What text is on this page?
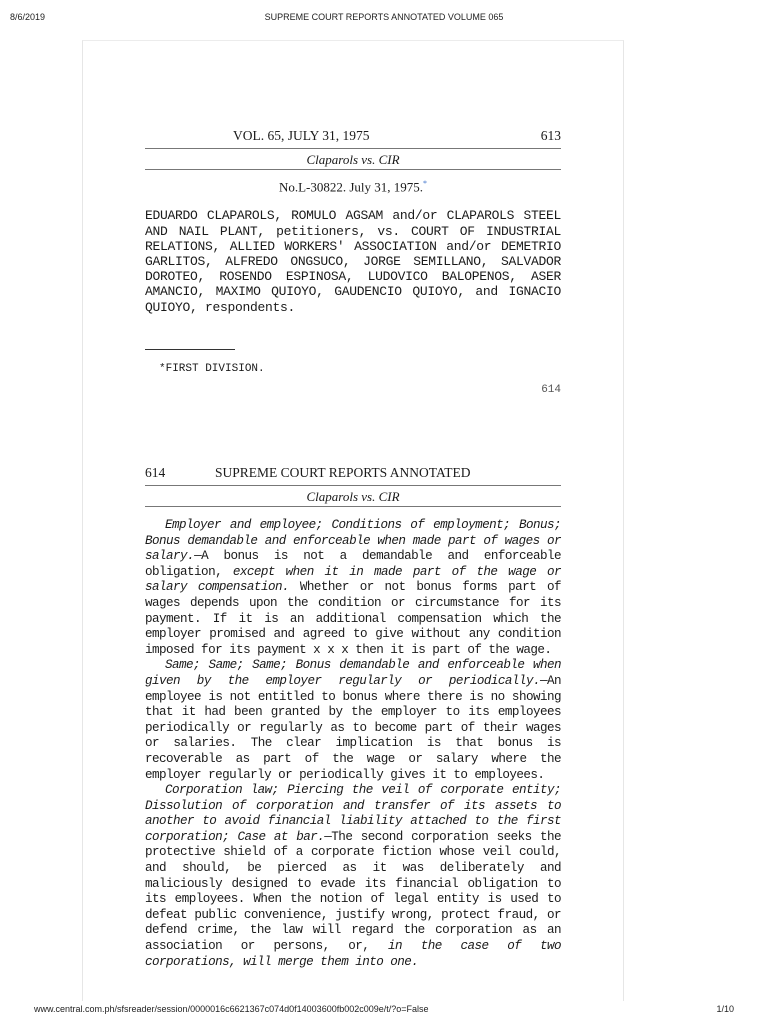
8/6/2019	SUPREME COURT REPORTS ANNOTATED VOLUME 065
VOL. 65, JULY 31, 1975	613
Claparols vs. CIR
No.L-30822. July 31, 1975.*
EDUARDO CLAPAROLS, ROMULO AGSAM and/or CLAPAROLS STEEL AND NAIL PLANT, petitioners, vs. COURT OF INDUSTRIAL RELATIONS, ALLIED WORKERS' ASSOCIATION and/or DEMETRIO GARLITOS, ALFREDO ONGSUCO, JORGE SEMILLANO, SALVADOR DOROTEO, ROSENDO ESPINOSA, LUDOVICO BALOPENOS, ASER AMANCIO, MAXIMO QUIOYO, GAUDENCIO QUIOYO, and IGNACIO QUIOYO, respondents.
*FIRST DIVISION.
614
614	SUPREME COURT REPORTS ANNOTATED
Claparols vs. CIR

Employer and employee; Conditions of employment; Bonus; Bonus demandable and enforceable when made part of wages or salary.—A bonus is not a demandable and enforceable obligation, except when it in made part of the wage or salary compensation. Whether or not bonus forms part of wages depends upon the condition or circumstance for its payment. If it is an additional compensation which the employer promised and agreed to give without any condition imposed for its payment x x x then it is part of the wage.

Same; Same; Same; Bonus demandable and enforceable when given by the employer regularly or periodically.—An employee is not entitled to bonus where there is no showing that it had been granted by the employer to its employees periodically or regularly as to become part of their wages or salaries. The clear implication is that bonus is recoverable as part of the wage or salary where the employer regularly or periodically gives it to employees.

Corporation law; Piercing the veil of corporate entity; Dissolution of corporation and transfer of its assets to another to avoid financial liability attached to the first corporation; Case at bar.—The second corporation seeks the protective shield of a corporate fiction whose veil could, and should, be pierced as it was deliberately and maliciously designed to evade its financial obligation to its employees. When the notion of legal entity is used to defeat public convenience, justify wrong, protect fraud, or defend crime, the law will regard the corporation as an association or persons, or, in the case of two corporations, will merge them into one.

www.central.com.ph/sfsreader/session/0000016c6621367c074d0f14003600fb002c009e/t/?o=False	1/10
